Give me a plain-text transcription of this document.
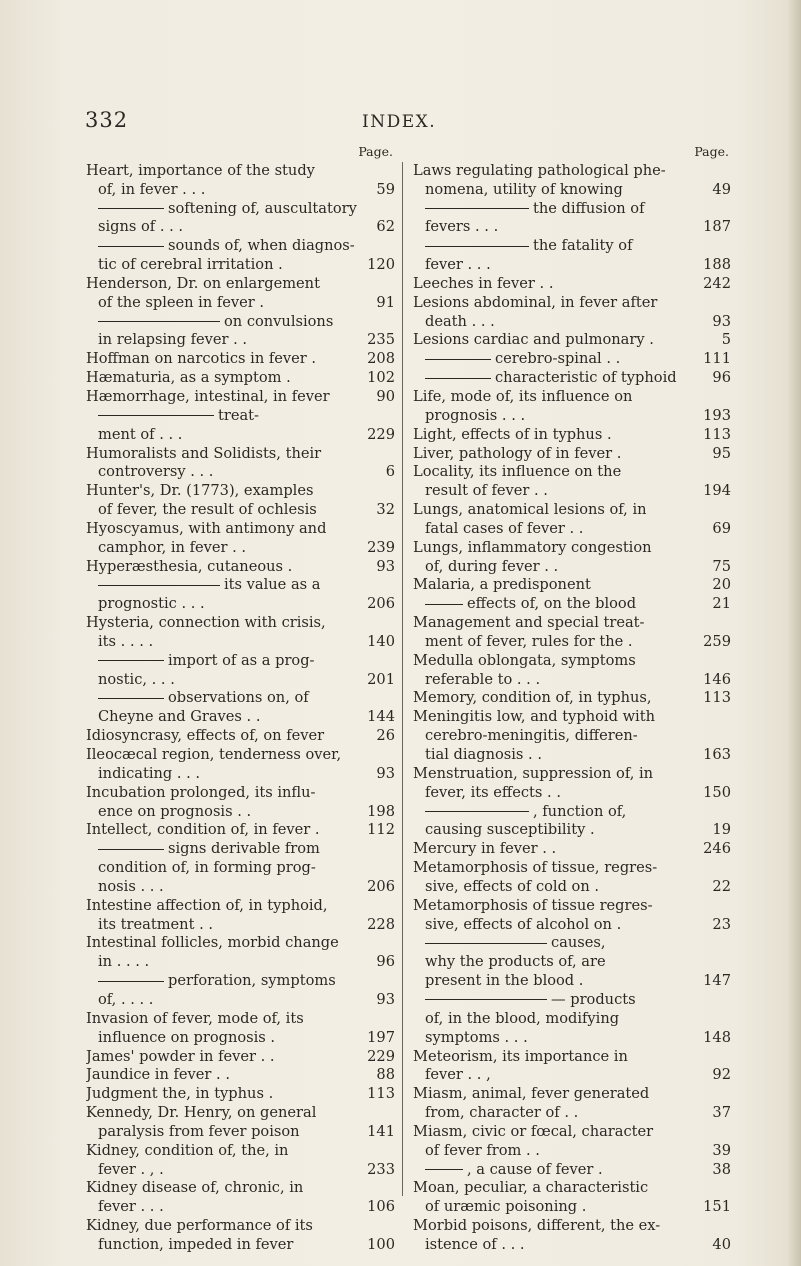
332	INDEX.
Page.
Heart, importance of the study
of, in fever . . .	59
softening of, auscultatory
signs of . . .	62
sounds of, when diagnos-
tic of cerebral irritation .	120
Henderson, Dr. on enlargement
of the spleen in fever .	91
on convulsions
in relapsing fever . .	235
Hoffman on narcotics in fever .	208
Hæmaturia, as a symptom .	102
Hæmorrhage, intestinal, in fever	90
treat-
ment of . . .	229
Humoralists and Solidists, their
controversy . . .	6
Hunter's, Dr. (1773), examples
of fever, the result of ochlesis	32
Hyoscyamus, with antimony and
camphor, in fever . .	239
Hyperæsthesia, cutaneous .	93
its value as a
prognostic . . .	206
Hysteria, connection with crisis,
its . . . .	140
import of as a prog-
nostic, . . .	201
observations on, of
Cheyne and Graves . .	144
Idiosyncrasy, effects of, on fever	26
Ileocæcal region, tenderness over,
indicating . . .	93
Incubation prolonged, its influ-
ence on prognosis . .	198
Intellect, condition of, in fever .	112
signs derivable from
condition of, in forming prog-
nosis . . .	206
Intestine affection of, in typhoid,
its treatment . .	228
Intestinal follicles, morbid change
in . . . .	96
perforation, symptoms
of, . . . .	93
Invasion of fever, mode of, its
influence on prognosis .	197
James' powder in fever . .	229
Jaundice in fever . .	88
Judgment the, in typhus .	113
Kennedy, Dr. Henry, on general
paralysis from fever poison	141
Kidney, condition of, the, in
fever . , .	233
Kidney disease of, chronic, in
fever . . .	106
Kidney, due performance of its
function, impeded in fever	100
Page.
Laws regulating pathological phe-
nomena, utility of knowing	49
the diffusion of
fevers . . .	187
the fatality of
fever . . .	188
Leeches in fever . .	242
Lesions abdominal, in fever after
death . . .	93
Lesions cardiac and pulmonary .	5
cerebro-spinal . .	111
characteristic of typhoid 96
Life, mode of, its influence on
prognosis . . .	193
Light, effects of in typhus .	113
Liver, pathology of in fever .	95
Locality, its influence on the
result of fever . .	194
Lungs, anatomical lesions of, in
fatal cases of fever . .	69
Lungs, inflammatory congestion
of, during fever . .	75
Malaria, a predisponent	20
effects of, on the blood	21
Management and special treat-
ment of fever, rules for the .	259
Medulla oblongata, symptoms
referable to . . .	146
Memory, condition of, in typhus,	113
Meningitis low, and typhoid with
cerebro-meningitis, differen-
tial diagnosis . .	163
Menstruation, suppression of, in
fever, its effects . .	150
, function of,
causing susceptibility .	19
Mercury in fever . .	246
Metamorphosis of tissue, regres-
sive, effects of cold on .	22
Metamorphosis of tissue regres-
sive, effects of alcohol on .	23
causes,
why the products of, are
present in the blood .	147
— products
of, in the blood, modifying
symptoms . . .	148
Meteorism, its importance in
fever . . ,	92
Miasm, animal, fever generated
from, character of . .	37
Miasm, civic or fœcal, character
of fever from . .	39
, a cause of fever .	38
Moan, peculiar, a characteristic
of uræmic poisoning .	151
Morbid poisons, different, the ex-
istence of . . .	40
